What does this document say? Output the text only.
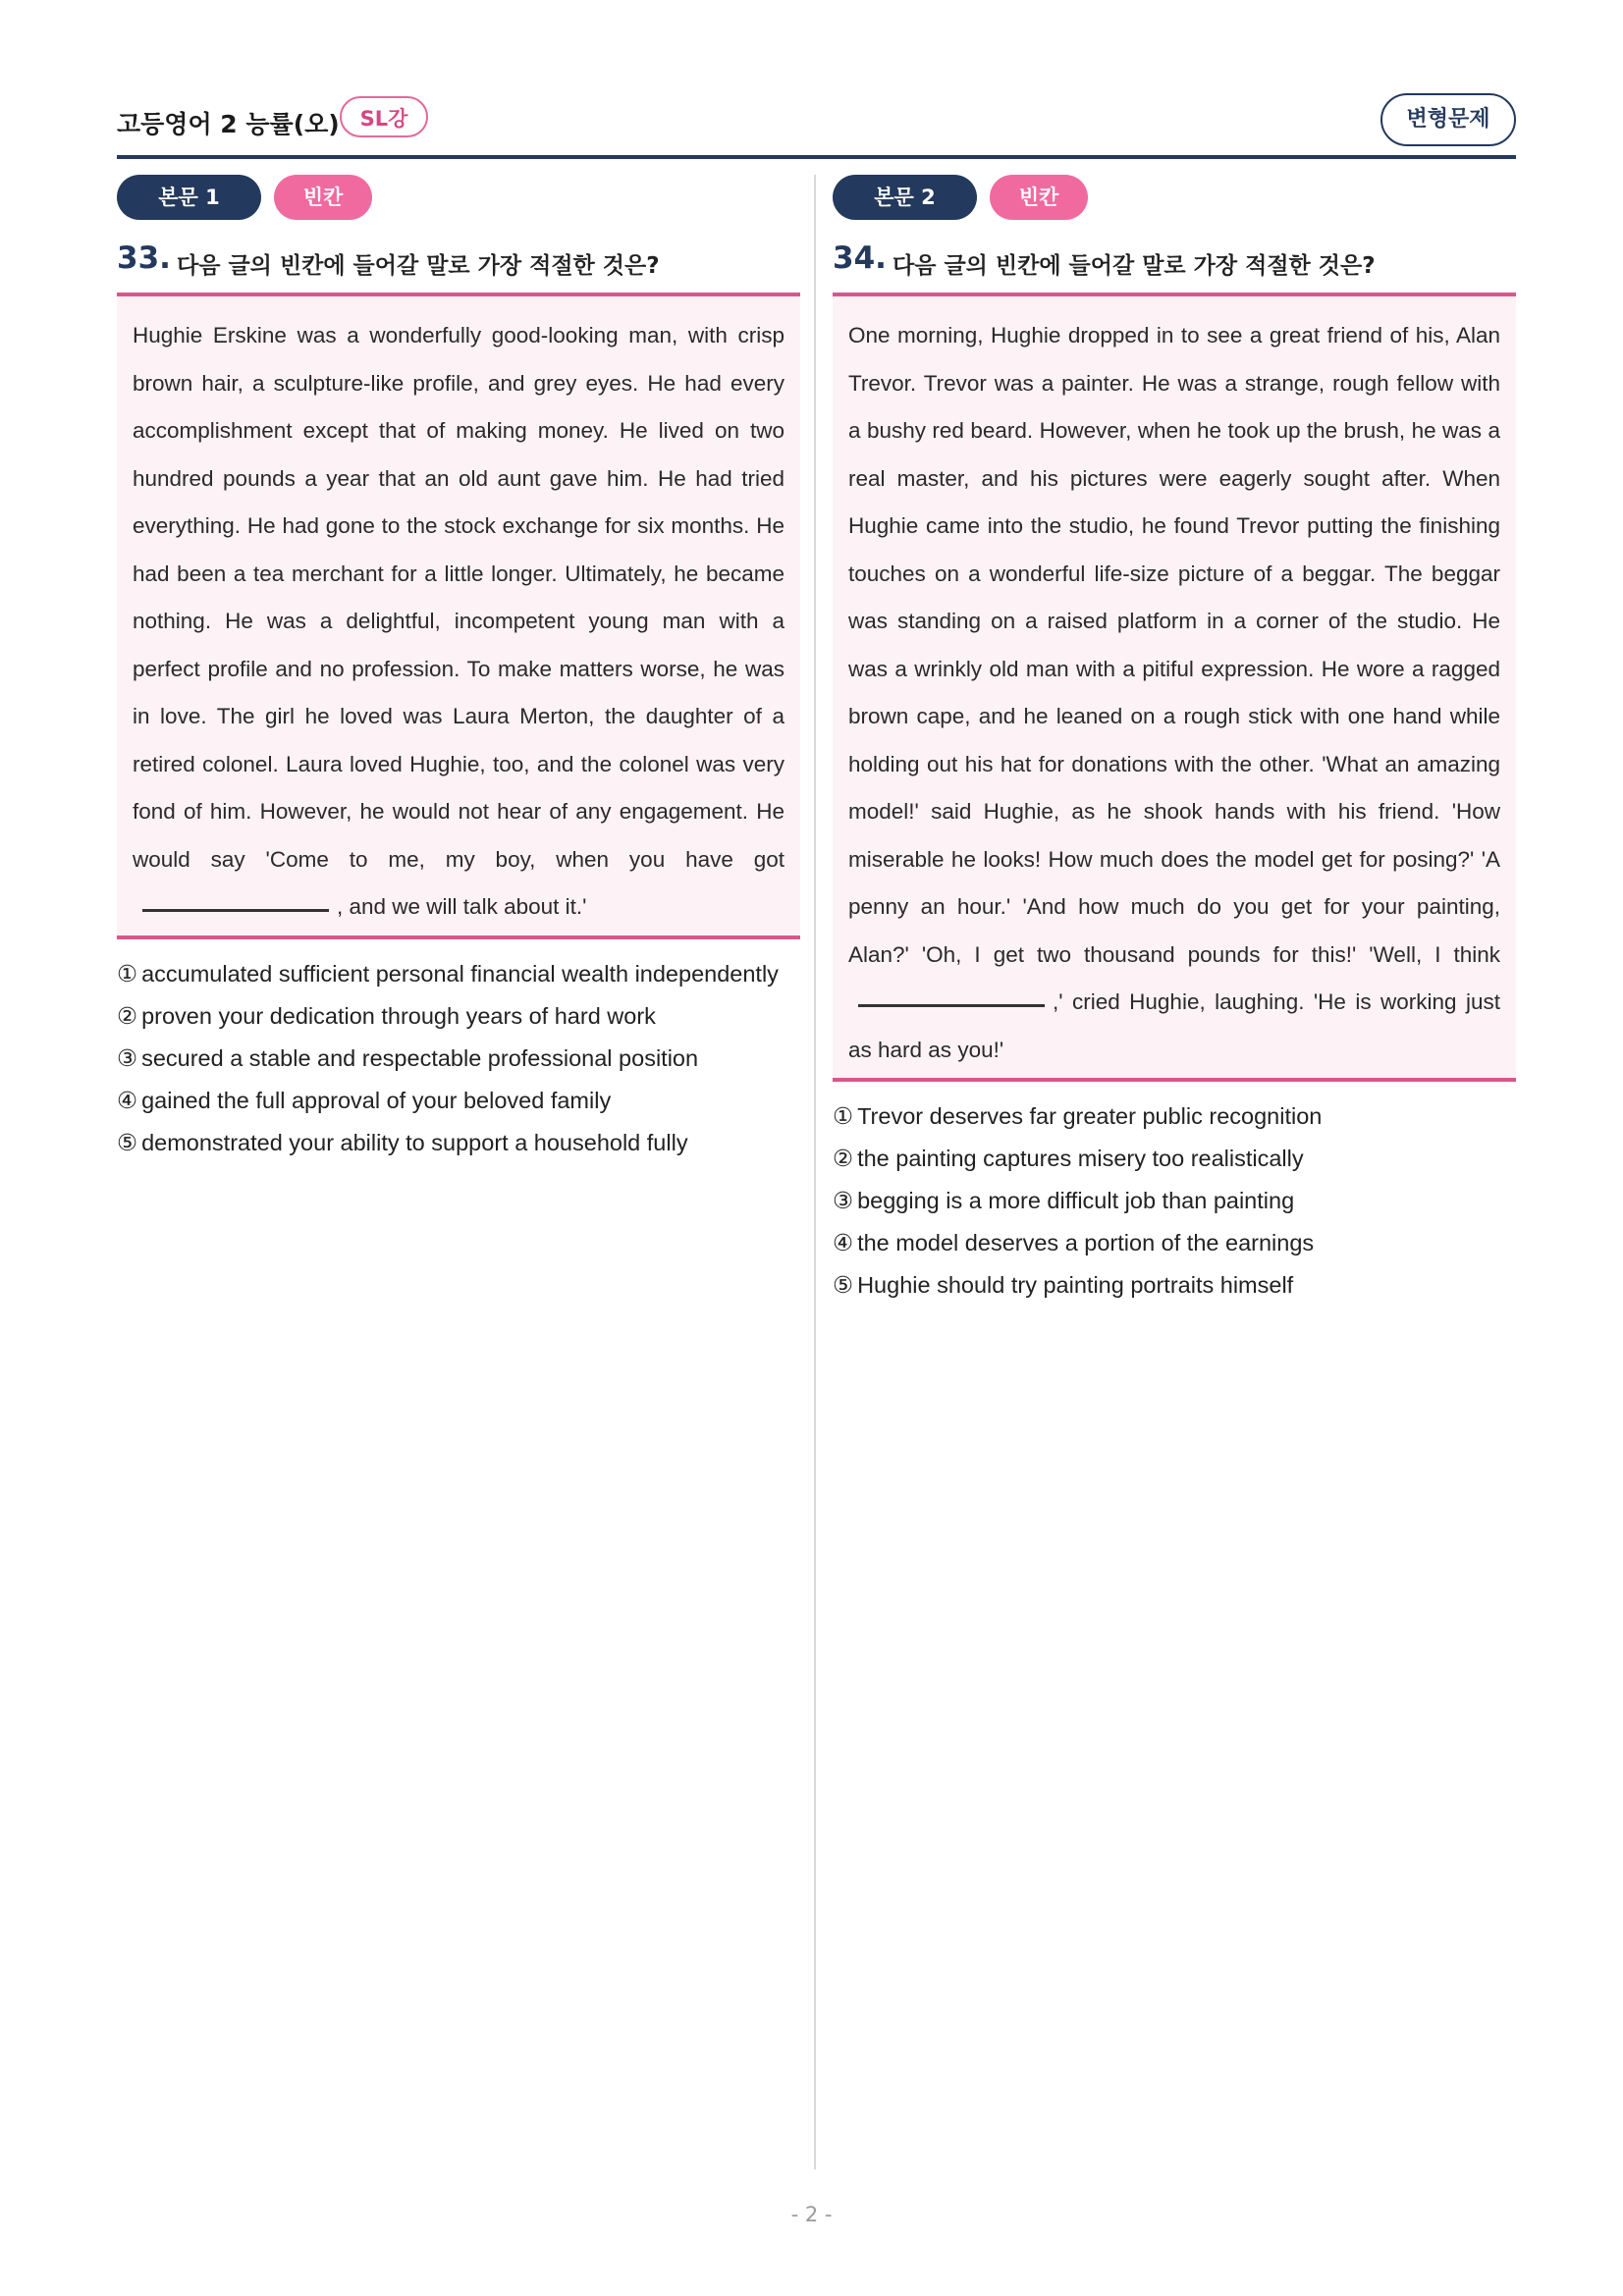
고등영어 2 능률(오) SL강	변형문제
본문 1	빈칸
33. 다음 글의 빈칸에 들어갈 말로 가장 적절한 것은?

Hughie Erskine was a wonderfully good-looking man, with crisp brown hair, a sculpture-like profile, and grey eyes. He had every accomplishment except that of making money. He lived on two hundred pounds a year that an old aunt gave him. He had tried everything. He had gone to the stock exchange for six months. He had been a tea merchant for a little longer. Ultimately, he became nothing. He was a delightful, incompetent young man with a perfect profile and no profession. To make matters worse, he was in love. The girl he loved was Laura Merton, the daughter of a retired colonel. Laura loved Hughie, too, and the colonel was very fond of him. However, he would not hear of any engagement. He would say 'Come to me, my boy, when you have got, and we will talk about it.'

① accumulated sufficient personal financial wealth independently
② proven your dedication through years of hard work
③ secured a stable and respectable professional position
④ gained the full approval of your beloved family
⑤ demonstrated your ability to support a household fully
본문 2	빈칸
34. 다음 글의 빈칸에 들어갈 말로 가장 적절한 것은?

One morning, Hughie dropped in to see a great friend of his, Alan Trevor. Trevor was a painter. He was a strange, rough fellow with a bushy red beard. However, when he took up the brush, he was a real master, and his pictures were eagerly sought after. When Hughie came into the studio, he found Trevor putting the finishing touches on a wonderful life-size picture of a beggar. The beggar was standing on a raised platform in a corner of the studio. He was a wrinkly old man with a pitiful expression. He wore a ragged brown cape, and he leaned on a rough stick with one hand while holding out his hat for donations with the other. 'What an amazing model!' said Hughie, as he shook hands with his friend. 'How miserable he looks! How much does the model get for posing?' 'A penny an hour.' 'And how much do you get for your painting, Alan?' 'Oh, I get two thousand pounds for this!' 'Well, I think,' cried Hughie, laughing. 'He is working just as hard as you!'

① Trevor deserves far greater public recognition
② the painting captures misery too realistically
③ begging is a more difficult job than painting
④ the model deserves a portion of the earnings
⑤ Hughie should try painting portraits himself
- 2 -
